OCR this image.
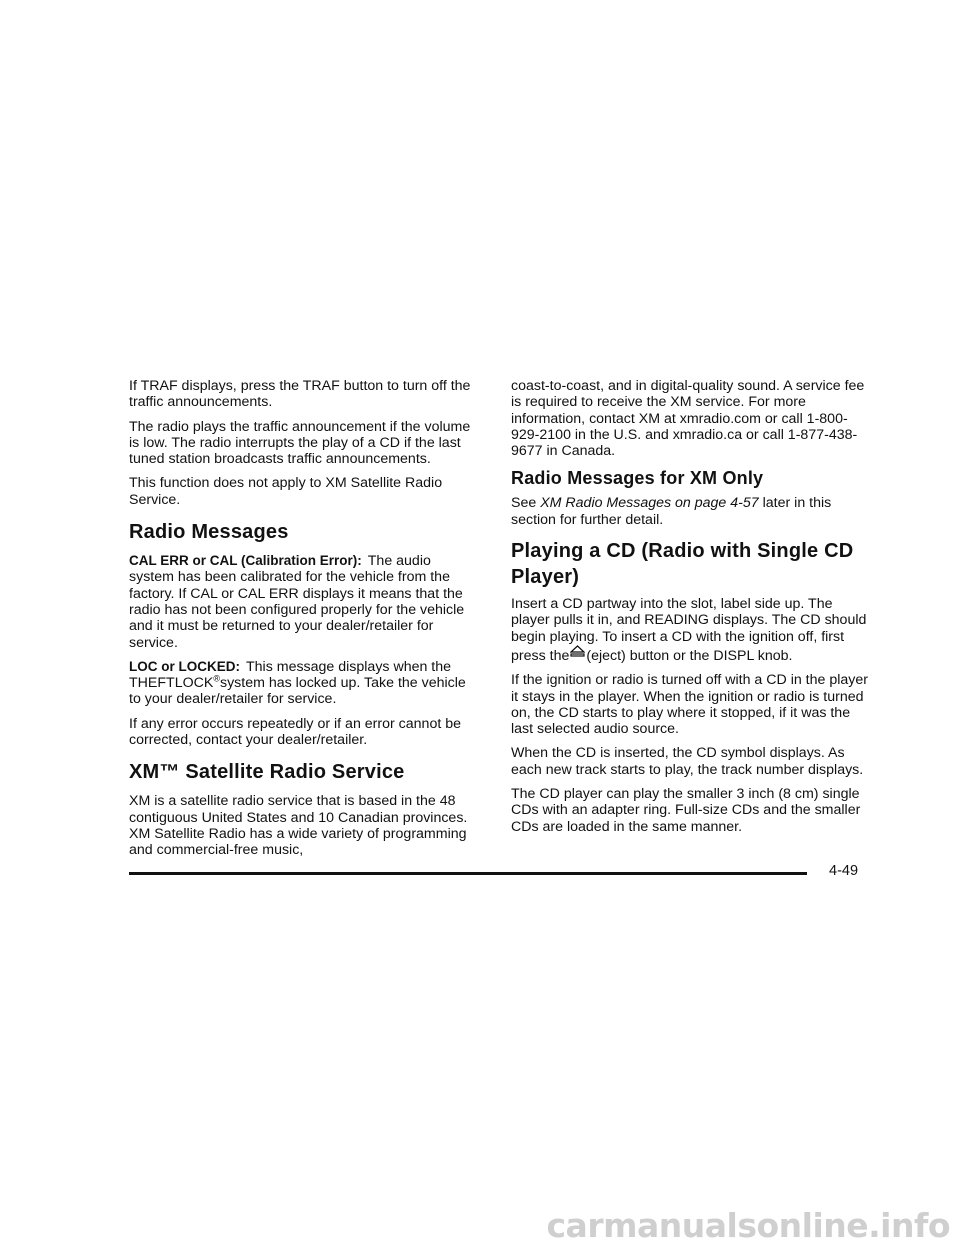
If TRAF displays, press the TRAF button to turn off the traffic announcements.

The radio plays the traffic announcement if the volume is low. The radio interrupts the play of a CD if the last tuned station broadcasts traffic announcements.

This function does not apply to XM Satellite Radio Service.

Radio Messages

CAL ERR or CAL (Calibration Error): The audio system has been calibrated for the vehicle from the factory. If CAL or CAL ERR displays it means that the radio has not been configured properly for the vehicle and it must be returned to your dealer/retailer for service.

LOC or LOCKED: This message displays when the THEFTLOCK®system has locked up. Take the vehicle to your dealer/retailer for service.

If any error occurs repeatedly or if an error cannot be corrected, contact your dealer/retailer.

XM™ Satellite Radio Service

XM is a satellite radio service that is based in the 48 contiguous United States and 10 Canadian provinces. XM Satellite Radio has a wide variety of programming and commercial-free music,

coast-to-coast, and in digital-quality sound. A service fee is required to receive the XM service. For more information, contact XM at xmradio.com or call 1-800-929-2100 in the U.S. and xmradio.ca or call 1-877-438-9677 in Canada.

Radio Messages for XM Only

See XM Radio Messages on page 4-57 later in this section for further detail.

Playing a CD (Radio with Single CD Player)

Insert a CD partway into the slot, label side up. The player pulls it in, and READING displays. The CD should begin playing. To insert a CD with the ignition off, first press the (eject) button or the DISPL knob.

If the ignition or radio is turned off with a CD in the player it stays in the player. When the ignition or radio is turned on, the CD starts to play where it stopped, if it was the last selected audio source.

When the CD is inserted, the CD symbol displays. As each new track starts to play, the track number displays.

The CD player can play the smaller 3 inch (8 cm) single CDs with an adapter ring. Full-size CDs and the smaller CDs are loaded in the same manner.

4-49
carmanualsonline.info
